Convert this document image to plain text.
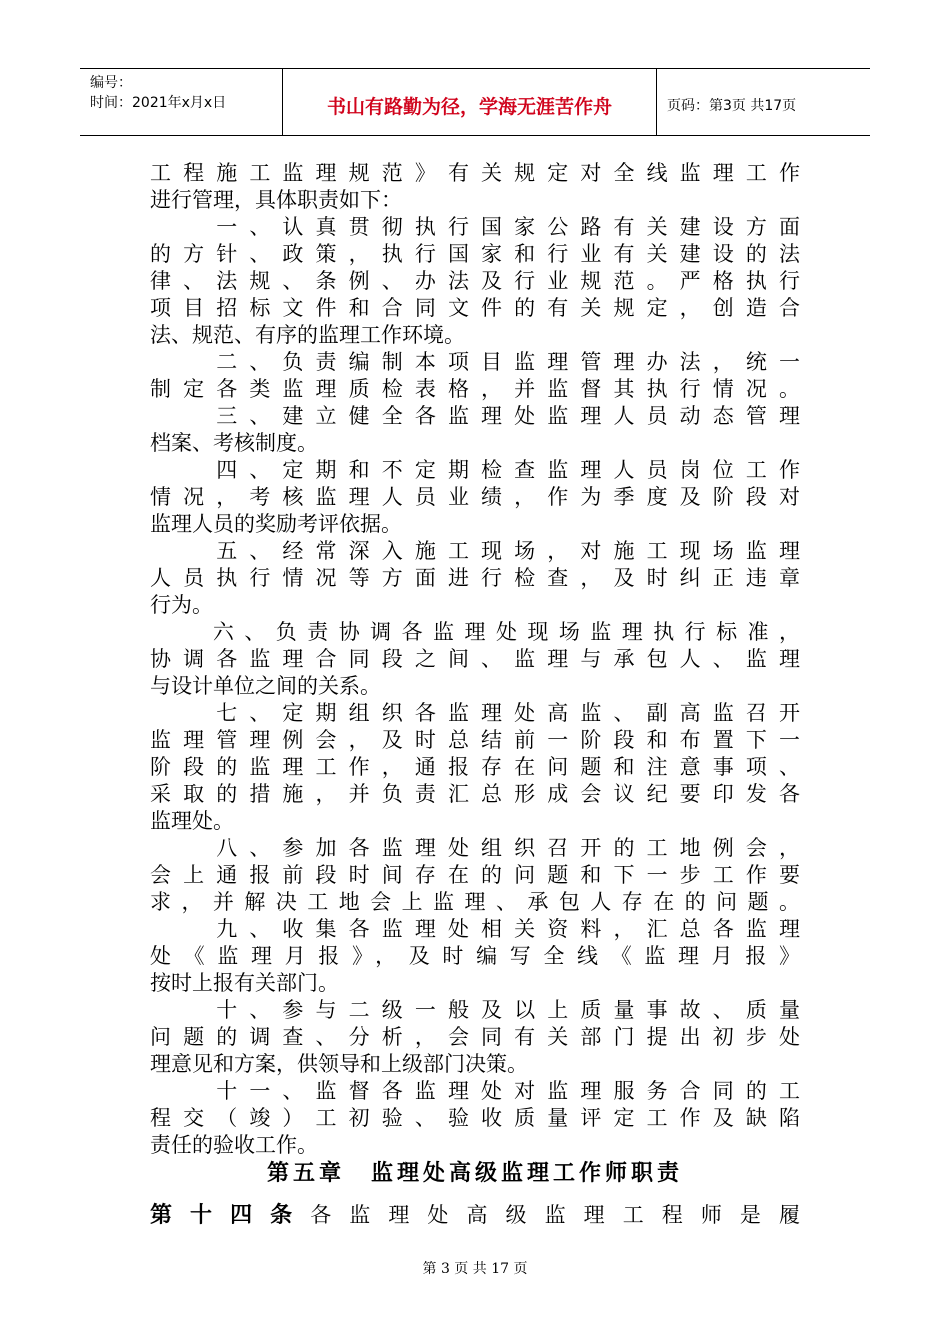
编号：
时间：2021年x月x日	书山有路勤为径，学海无涯苦作舟	页码：第3页 共17页
工程施工监理规范》有关规定对全线监理工作
进行管理，具体职责如下：
　　一、认真贯彻执行国家公路有关建设方面
的方针、政策，执行国家和行业有关建设的法
律、法规、条例、办法及行业规范。严格执行
项目招标文件和合同文件的有关规定，创造合
法、规范、有序的监理工作环境。
　　二、负责编制本项目监理管理办法，统一
制定各类监理质检表格，并监督其执行情况。
　　三、建立健全各监理处监理人员动态管理
档案、考核制度。
　　四、定期和不定期检查监理人员岗位工作
情况，考核监理人员业绩，作为季度及阶段对
监理人员的奖励考评依据。
　　五、经常深入施工现场，对施工现场监理
人员执行情况等方面进行检查，及时纠正违章
行为。
　　六、负责协调各监理处现场监理执行标准，
协调各监理合同段之间、监理与承包人、监理
与设计单位之间的关系。
　　七、定期组织各监理处高监、副高监召开
监理管理例会，及时总结前一阶段和布置下一
阶段的监理工作，通报存在问题和注意事项、
采取的措施，并负责汇总形成会议纪要印发各
监理处。
　　八、参加各监理处组织召开的工地例会，
会上通报前段时间存在的问题和下一步工作要
求，并解决工地会上监理、承包人存在的问题。
　　九、收集各监理处相关资料，汇总各监理
处《监理月报》，及时编写全线《监理月报》
按时上报有关部门。
　　十、参与二级一般及以上质量事故、质量
问题的调查、分析，会同有关部门提出初步处
理意见和方案，供领导和上级部门决策。
　　十一、监督各监理处对监理服务合同的工
程交（竣）工初验、验收质量评定工作及缺陷
责任的验收工作。
第五章　监理处高级监理工作师职责
第十四条各监理处高级监理工程师是履
第 3 页 共 17 页
